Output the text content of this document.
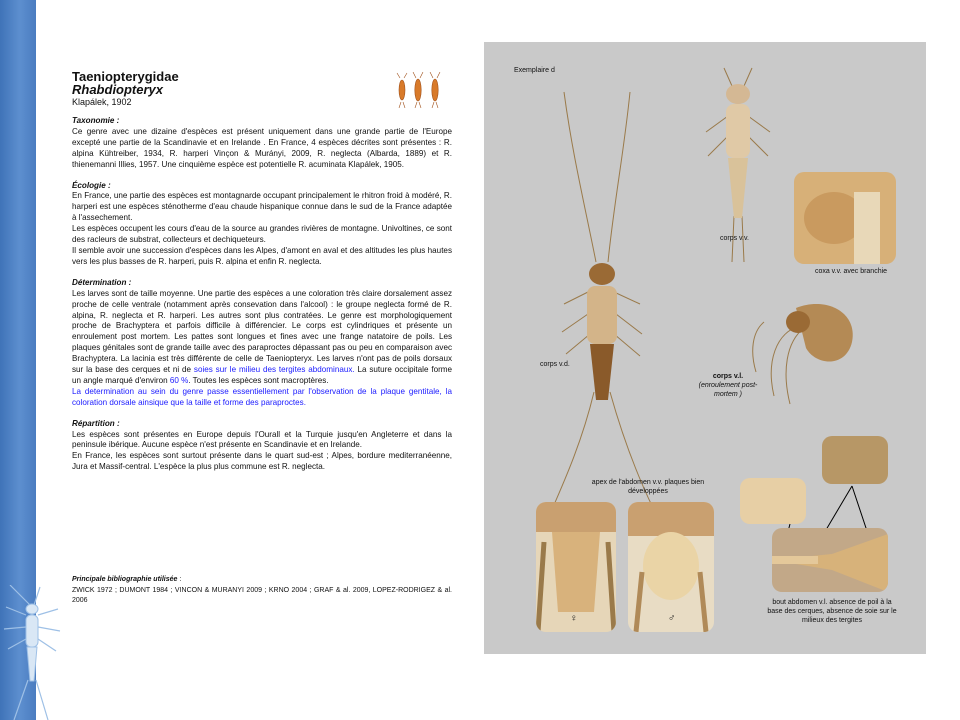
Taeniopterygidae
Rhabdiopteryx
Klapálek, 1902
Taxonomie :

Ce genre avec une dizaine d'espèces est présent uniquement dans une grande partie de l'Europe excepté une partie de la Scandinavie et en Irelande . En France, 4 espèces décrites sont présentes : R. alpina Kühtreiber, 1934, R. harperi Vinçon & Murányi, 2009, R. neglecta (Albarda, 1889) et R. thienemanni Illies, 1957. Une cinquième espèce est potentielle R. acuminata Klapálek, 1905.

Écologie :

En France, une partie des espèces est montagnarde occupant principalement le rhitron froid à modéré, R. harperi est une espèces sténotherme d'eau chaude hispanique connue dans le sud de la France adaptée à l'assechement.

Les espèces occupent les cours d'eau de la source au grandes rivières de montagne. Univoltines, ce sont des racleurs de substrat, collecteurs et dechiqueteurs.

Il semble avoir une succession d'espèces dans les Alpes, d'amont en aval et des altitudes les plus hautes vers les plus basses de R. harperi, puis R. alpina et enfin R. neglecta.

Détermination :

Les larves sont de taille moyenne. Une partie des espèces a une coloration très claire dorsalement assez proche de celle ventrale (notamment après consevation dans l'alcool) : le groupe neglecta formé de R. alpina, R. neglecta et R. harperi. Les autres sont plus contratées. Le genre est morphologiquement proche de Brachyptera et parfois difficile à différencier. Le corps est cylindriques et présente un enroulement post mortem. Les pattes sont longues et fines avec une frange natatoire de poils. Les plaques génitales sont de grande taille avec des paraproctes dépassant pas ou peu en comparaison avec Brachyptera. La lacinia est très différente de celle de Taeniopteryx. Les larves n'ont pas de poils dorsaux sur la base des cerques et ni de soies sur le milieu des tergites abdominaux. La suture occipitale forme un angle marqué d'environ 60 %. Toutes les espèces sont macroptères.

La determination au sein du genre passe essentiellement par l'observation de la plaque gentitale, la coloration dorsale ainsique que la taille et forme des paraproctes.

Répartition :

Les espèces sont présentes en Europe depuis l'Ourall et la Turquie jusqu'en Angleterre et dans la peninsule ibérique. Aucune espèce n'est présente en Scandinavie et en Irelande.

En France, les espèces sont surtout présente dans le quart sud-est ; Alpes, bordure mediterranéenne, Jura et Massif-central. L'espèce la plus plus commune est R. neglecta.

Principale bibliographie utilisée :
ZWICK 1972 ; DUMONT 1984 ; VINCON & MURANYI 2009 ; KRNO 2004 ; GRAF & al. 2009, LOPEZ-RODRIGEZ & al. 2006
Exemplaire d
corps v.d.
corps v.v.
coxa v.v. avec branchie
corps v.l.
(enroulement post-mortem )
apex de l'abdomen v.v. plaques bien développées
♀	♂
bout abdomen v.l. absence de poil à la base des cerques, absence de soie sur le milieux des tergites
